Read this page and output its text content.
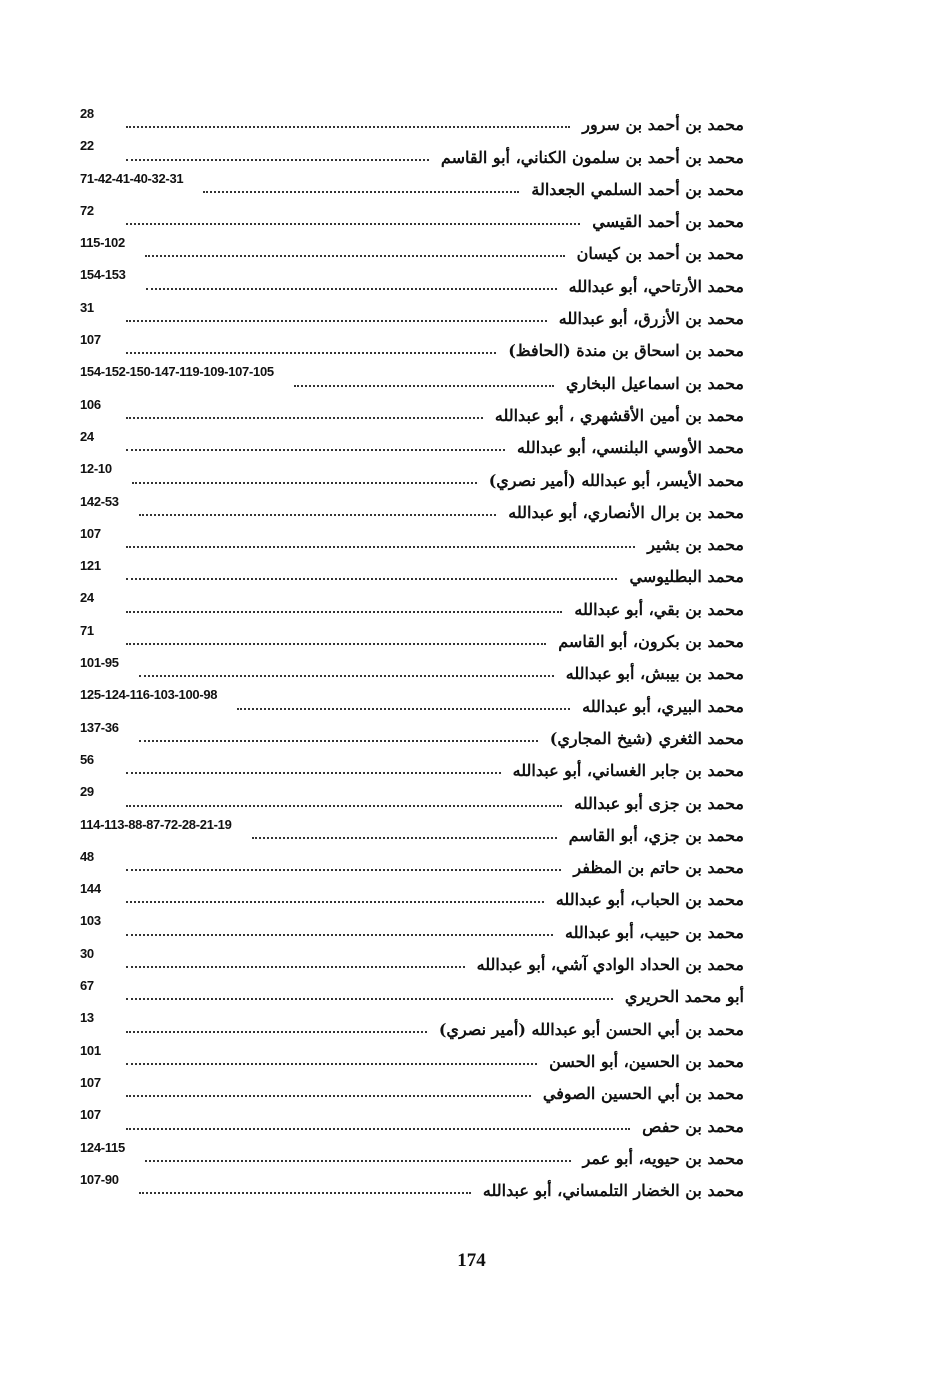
محمد بن أحمد بن سرور
28
محمد بن أحمد بن سلمون الكناني، أبو القاسم
22
محمد بن أحمد السلمي الجعدالة
71-42-41-40-32-31
محمد بن أحمد القيسي
72
محمد بن أحمد بن كيسان
115-102
محمد الأرتاحي، أبو عبدالله
154-153
محمد بن الأزرق، أبو عبدالله
31
محمد بن اسحاق بن مندة (الحافظ)
107
محمد بن اسماعيل البخاري
154-152-150-147-119-109-107-105
محمد بن أمين الأقشهري ، أبو عبدالله
106
محمد الأوسي البلنسي، أبو عبدالله
24
محمد الأيسر، أبو عبدالله (أمير نصري)
12-10
محمد بن برال الأنصاري، أبو عبدالله
142-53
محمد بن بشير
107
محمد البطليوسي
121
محمد بن بقي، أبو عبدالله
24
محمد بن بكرون، أبو القاسم
71
محمد بن بيبش، أبو عبدالله
101-95
محمد البيري، أبو عبدالله
125-124-116-103-100-98
محمد الثغري (شيخ المجاري)
137-36
محمد بن جابر الغساني، أبو عبدالله
56
محمد بن جزى أبو عبدالله
29
محمد بن جزي، أبو القاسم
114-113-88-87-72-28-21-19
محمد بن حاتم بن المظفر
48
محمد بن الحباب، أبو عبدالله
144
محمد بن حبيب، أبو عبدالله
103
محمد بن الحداد الوادي آشي، أبو عبدالله
30
أبو محمد الحريري
67
محمد بن أبي الحسن أبو عبدالله (أمير نصري)
13
محمد بن الحسين، أبو الحسن
101
محمد بن أبي الحسين الصوفي
107
محمد بن حفص
107
محمد بن حيويه، أبو عمر
124-115
محمد بن الخضار التلمساني، أبو عبدالله
107-90
174
